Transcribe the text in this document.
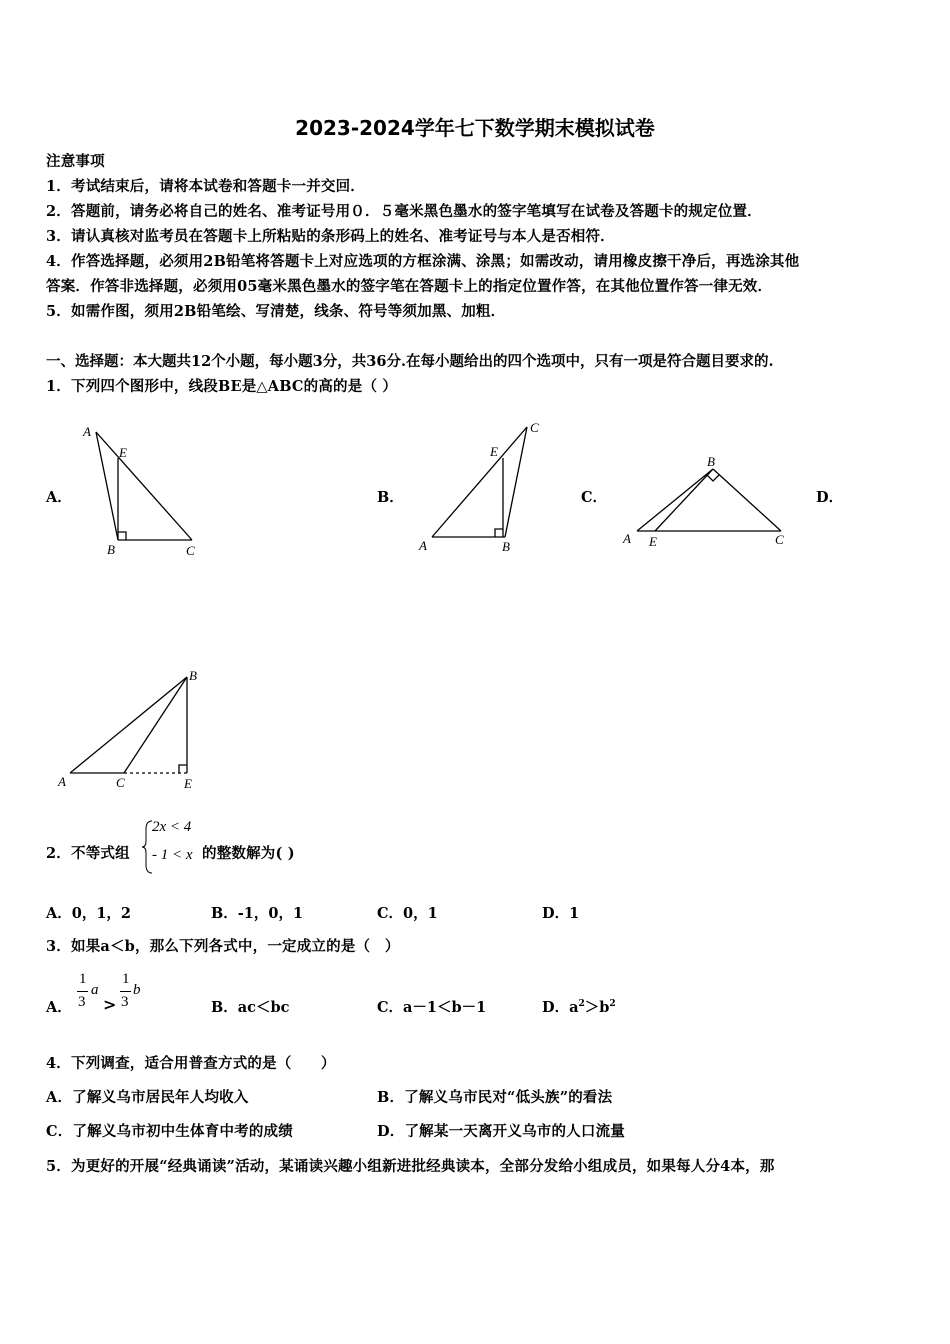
2023-2024学年七下数学期末模拟试卷
注意事项
1．考试结束后，请将本试卷和答题卡一并交回．
2．答题前，请务必将自己的姓名、准考证号用０．５毫米黑色墨水的签字笔填写在试卷及答题卡的规定位置．
3．请认真核对监考员在答题卡上所粘贴的条形码上的姓名、准考证号与本人是否相符．
4．作答选择题，必须用2B铅笔将答题卡上对应选项的方框涂满、涂黑；如需改动，请用橡皮擦干净后，再选涂其他
答案．作答非选择题，必须用05毫米黑色墨水的签字笔在答题卡上的指定位置作答，在其他位置作答一律无效．
5．如需作图，须用2B铅笔绘、写清楚，线条、符号等须加黑、加粗．
一、选择题：本大题共12个小题，每小题3分，共36分.在每小题给出的四个选项中，只有一项是符合题目要求的.
1．下列四个图形中，线段BE是△ABC的高的是（ ）
A．	B．	C．	D．
A
E
B	C
C
E
A	B
B
A E	C
B
A	C	E
2．不等式组
2x < 4
- 1 < x 的整数解为( )
A．0，1，2	B．-1，0，1	C．0，1	D．1
3．如果a＜b，那么下列各式中，一定成立的是（　）
A．
1
3
a
>
1
3
b
B．ac＜bc	C．a－1＜b－1	D．$a^2>b^2$
4．下列调查，适合用普查方式的是（　　）
A．了解义乌市居民年人均收入	B．了解义乌市民对“低头族”的看法
C．了解义乌市初中生体育中考的成绩	D．了解某一天离开义乌市的人口流量
5．为更好的开展“经典诵读”活动，某诵读兴趣小组新进批经典读本，全部分发给小组成员，如果每人分4本，那
